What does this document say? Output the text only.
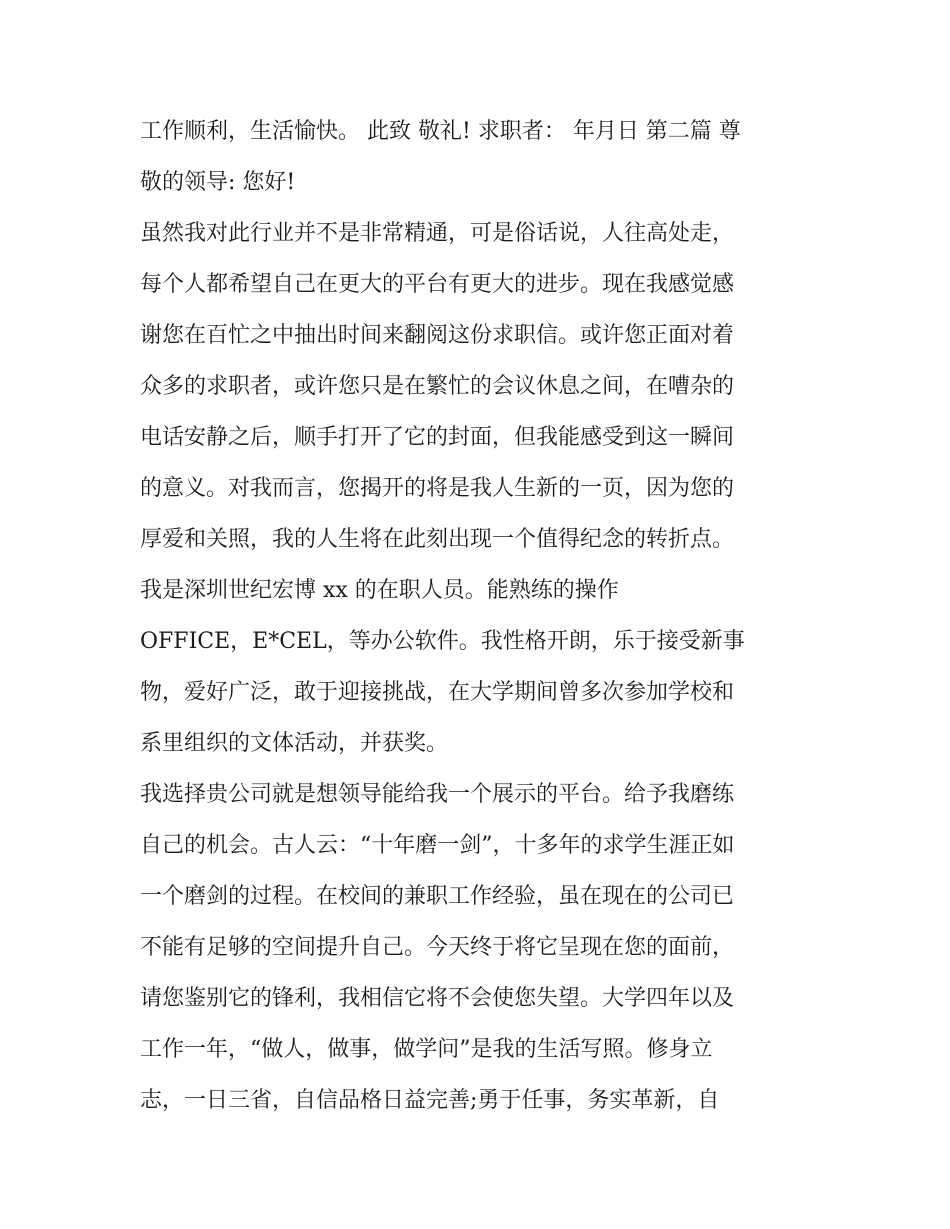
工作顺利，生活愉快。 此致 敬礼! 求职者： 年月日 第二篇 尊
敬的领导: 您好!
虽然我对此行业并不是非常精通，可是俗话说，人往高处走，
每个人都希望自己在更大的平台有更大的进步。现在我感觉感
谢您在百忙之中抽出时间来翻阅这份求职信。或许您正面对着
众多的求职者，或许您只是在繁忙的会议休息之间，在嘈杂的
电话安静之后，顺手打开了它的封面，但我能感受到这一瞬间
的意义。对我而言，您揭开的将是我人生新的一页，因为您的
厚爱和关照，我的人生将在此刻出现一个值得纪念的转折点。
我是深圳世纪宏博 xx 的在职人员。能熟练的操作
OFFICE，E*CEL，等办公软件。我性格开朗，乐于接受新事
物，爱好广泛，敢于迎接挑战，在大学期间曾多次参加学校和
系里组织的文体活动，并获奖。
我选择贵公司就是想领导能给我一个展示的平台。给予我磨练
自己的机会。古人云：“十年磨一剑”，十多年的求学生涯正如
一个磨剑的过程。在校间的兼职工作经验，虽在现在的公司已
不能有足够的空间提升自己。今天终于将它呈现在您的面前，
请您鉴别它的锋利，我相信它将不会使您失望。大学四年以及
工作一年，“做人，做事，做学问”是我的生活写照。修身立
志，一日三省，自信品格日益完善;勇于任事，务实革新，自
